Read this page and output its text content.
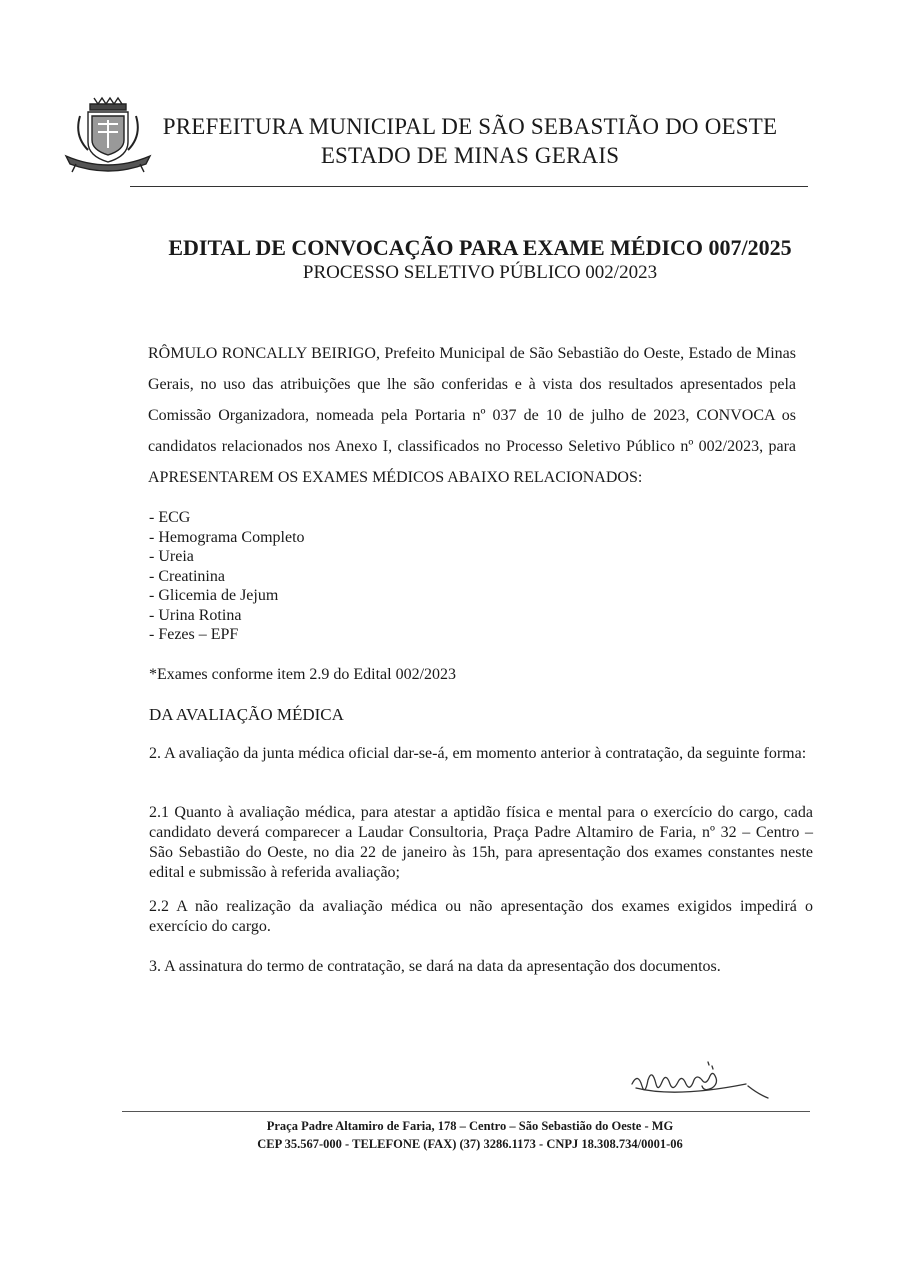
PREFEITURA MUNICIPAL DE SÃO SEBASTIÃO DO OESTE
ESTADO DE MINAS GERAIS
EDITAL DE CONVOCAÇÃO PARA EXAME MÉDICO 007/2025
PROCESSO SELETIVO PÚBLICO 002/2023
RÔMULO RONCALLY BEIRIGO, Prefeito Municipal de São Sebastião do Oeste, Estado de Minas Gerais, no uso das atribuições que lhe são conferidas e à vista dos resultados apresentados pela Comissão Organizadora, nomeada pela Portaria nº 037 de 10 de julho de 2023, CONVOCA os candidatos relacionados nos Anexo I, classificados no Processo Seletivo Público nº 002/2023, para APRESENTAREM OS EXAMES MÉDICOS ABAIXO RELACIONADOS:
- ECG
- Hemograma Completo
- Ureia
- Creatinina
- Glicemia de Jejum
- Urina Rotina
- Fezes – EPF
*Exames conforme item 2.9 do Edital 002/2023
DA AVALIAÇÃO MÉDICA

2. A avaliação da junta médica oficial dar-se-á, em momento anterior à contratação, da seguinte forma:

2.1 Quanto à avaliação médica, para atestar a aptidão física e mental para o exercício do cargo, cada candidato deverá comparecer a Laudar Consultoria, Praça Padre Altamiro de Faria, nº 32 – Centro – São Sebastião do Oeste, no dia 22 de janeiro às 15h, para apresentação dos exames constantes neste edital e submissão à referida avaliação;

2.2 A não realização da avaliação médica ou não apresentação dos exames exigidos impedirá o exercício do cargo.

3. A assinatura do termo de contratação, se dará na data da apresentação dos documentos.

Praça Padre Altamiro de Faria, 178 – Centro – São Sebastião do Oeste - MG
CEP 35.567-000 - TELEFONE (FAX) (37) 3286.1173 - CNPJ 18.308.734/0001-06
